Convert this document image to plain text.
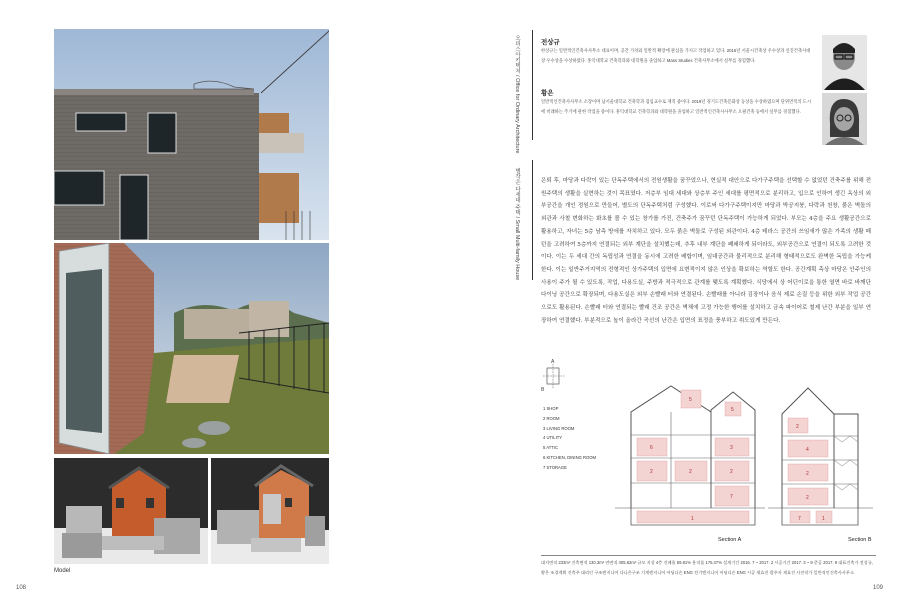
Model
108
오피스아키텍처 / Office for Ordinary Architecture
별작은 다세대 주택 / Small Multi-family House
전상규
한상규는 일반적인건축사사무소 대표이며, 공간 가치와 일반적 확장에 관심을 가지고 작업하고 있다. 2016년 서울시건축상 우수상과 신진건축사대상 우수상을 수상하였다. 홍익대학교 건축학과와 대학원을 졸업하고 Mass Studies 건축사무소에서 실무를 경험했다.
황은
일반적인건축사사무소 소장이며 남서울대학교 건축학과 겸임교수로 재직 중이다. 2019년 경기도건축문화상 동상을 수상하였으며 단위면적의 도시에 비례하는 주거에 관한 작업을 중이다. 홍익대학교 건축학과와 대학원을 졸업하고 일반적인건축사사무소 오필건축 등에서 실무를 경험했다.
은퇴 후, 마당과 다락이 있는 단독주택에서의 전원생활을 꿈꾸었으나, 현실적 대안으로 다가구주택을 선택할 수 없었던 건축주를 위해 전원주택의 생활을 실현하는 것이 목표였다. 저층부 임대 세대와 상층부 주인 세대를 평면적으로 분리하고, 입으로 인하여 생긴 옥상의 외부공간을 개인 정원으로 만들어, 별도의 단독주택처럼 구성했다. 이로써 다가구주택이지만 마당과 박공지붕, 다락과 천창, 붉은 벽돌의 외관과 사철 변화하는 화초를 볼 수 있는 창가를 가진, 건축주가 꿈꾸던 단독주택이 가능하게 되었다. 부모는 4층을 주요 생활공간으로 활용하고, 자녀는 5층 남측 방에를 자치하고 있다. 모두 붉은 벽돌로 구성된 외관이다. 4층 테라스 공간의 쓰임새가 많은 가족의 생활 패턴을 고려하여 5층까지 연결되는 외부 계단을 설치했는데, 추후 내부 계단을 폐쇄하게 되더라도, 외부공간으로 연결이 되도록 고려한 것이다. 이는 두 세대 간의 독립성과 연결을 동시에 고려한 배합이며, 임대공간과 물리적으로 분리해 형태적으로도 완벽한 독립을 가능케 한다. 이는 일반주거지역의 전형적인 상가주택의 입면에 요변적이지 않은 인상을 확보하는 역할도 한다. 공간계획 측상 마당은 안주인의 사용이 주가 될 수 있도록, 작업, 다용도실, 주방과 적극적으로 관계를 맺도록 계획했다. 식당에서 상 어딘이로을 통한 열면 바로 바깨단 다이닝 공간으로 확장되며, 다용도실은 외부 손빨래 터와 연결된다. 손빨래를 아니라 김장이나 음식 제료 손질 등을 위한 외부 작업 공간으로도 활용된다. 손빨래 터와 연결되는 빨래 건조 공간은 벽체에 고정 가능한 행어를 설치하고 금속 파이어로 철제 난간 부분을 일부 연장하여 연결했다. 부분적으로 높이 올라간 곡선의 난간은 입면의 표정을 풍부하고 취도있게 만든다.
A
B
1 SHOP
2 ROOM
3 LIVING ROOM
4 UTILITY
5 ATTIC
6 KITCHEN, DINING ROOM
7 STORAGE
5
5
6	3
2	2	2
7
1
Section A
2
4
2
2
7	1
Section B
대지면적 233m² 건축면적 130.3m² 연면적 405.62m² 규모 지상 4층 건폐율 59.81% 용적률 175.37% 설계기간 2016. 7 ~ 2017. 2 시공기간 2017. 3 ~ 9 준공 2017. 9 대표건축가 전상규, 황은 조경계획 건축주 대리인 구조엔지니어 다나은구조 기계엔지니어 어딩디슨 ENG 전기엔지니어 어딩디슨 ENG 시공 제효진 발주자 제효진 사진작가 일반적인건축사사무소
109
